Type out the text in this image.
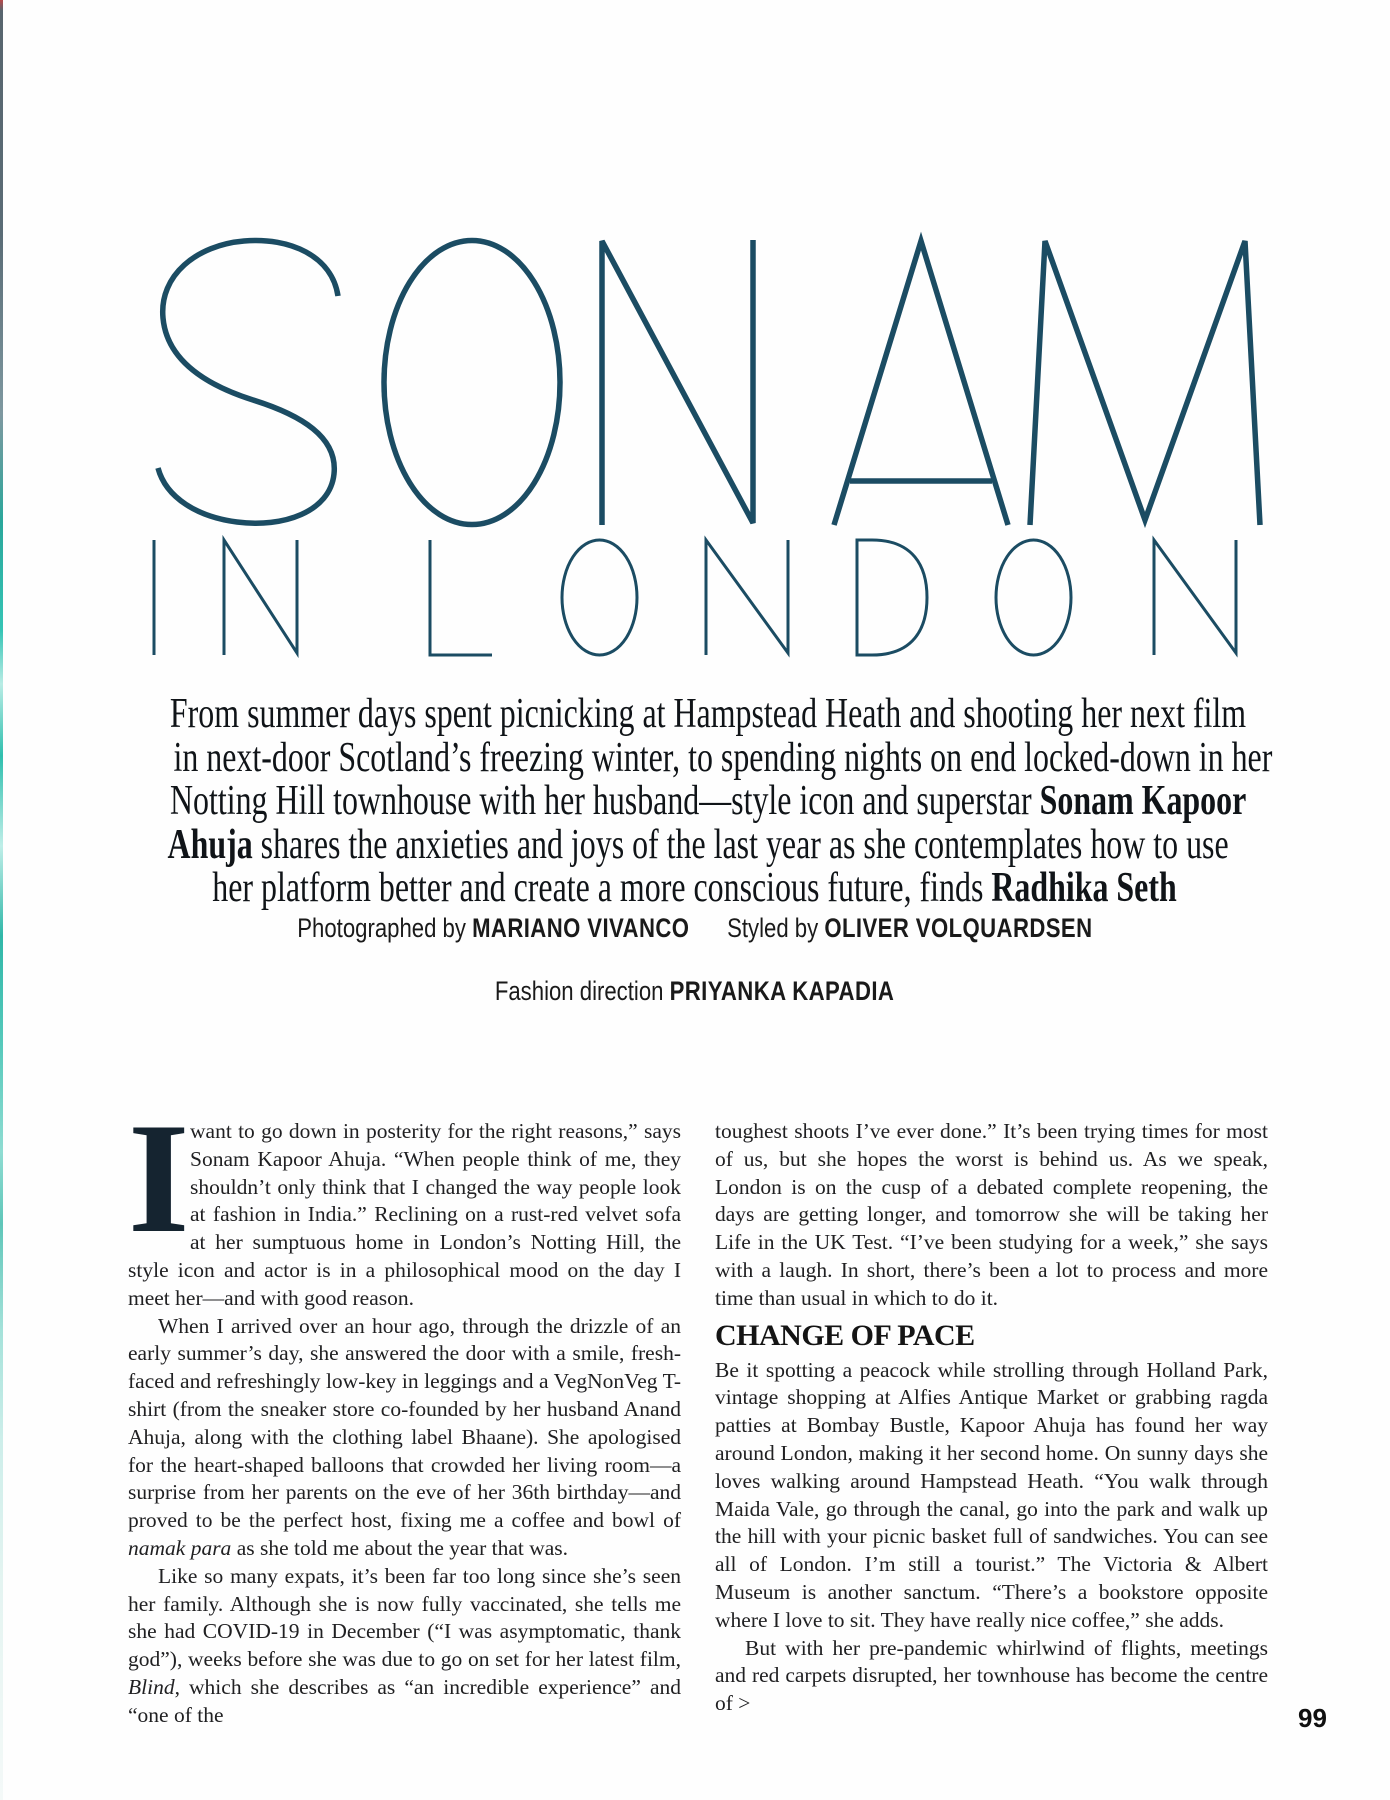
From summer days spent picnicking at Hampstead Heath and shooting her next film
in next-door Scotland’s freezing winter, to spending nights on end locked-down in her
Notting Hill townhouse with her husband—style icon and superstar Sonam Kapoor
Ahuja shares the anxieties and joys of the last year as she contemplates how to use
her platform better and create a more conscious future, finds Radhika Seth
Photographed by MARIANO VIVANCO Styled by OLIVER VOLQUARDSEN
Fashion direction PRIYANKA KAPADIA

Iwant to go down in posterity for the right reasons,” says Sonam Kapoor Ahuja. “When people think of me, they shouldn’t only think that I changed the way people look at fashion in India.” Reclining on a rust-red velvet sofa at her sumptuous home in London’s Notting Hill, the style icon and actor is in a philosophical mood on the day I meet her—and with good reason.

When I arrived over an hour ago, through the drizzle of an early summer’s day, she answered the door with a smile, fresh-faced and refreshingly low-key in leggings and a VegNonVeg T-shirt (from the sneaker store co-founded by her husband Anand Ahuja, along with the clothing label Bhaane). She apologised for the heart-shaped balloons that crowded her living room—a surprise from her parents on the eve of her 36th birthday—and proved to be the perfect host, fixing me a coffee and bowl of namak para as she told me about the year that was.

Like so many expats, it’s been far too long since she’s seen her family. Although she is now fully vaccinated, she tells me she had COVID-19 in December (“I was asymptomatic, thank god”), weeks before she was due to go on set for her latest film, Blind, which she describes as “an incredible experience” and “one of the

toughest shoots I’ve ever done.” It’s been trying times for most of us, but she hopes the worst is behind us. As we speak, London is on the cusp of a debated complete reopening, the days are getting longer, and tomorrow she will be taking her Life in the UK Test. “I’ve been studying for a week,” she says with a laugh. In short, there’s been a lot to process and more time than usual in which to do it.

CHANGE OF PACE

Be it spotting a peacock while strolling through Holland Park, vintage shopping at Alfies Antique Market or grabbing ragda patties at Bombay Bustle, Kapoor Ahuja has found her way around London, making it her second home. On sunny days she loves walking around Hampstead Heath. “You walk through Maida Vale, go through the canal, go into the park and walk up the hill with your picnic basket full of sandwiches. You can see all of London. I’m still a tourist.” The Victoria & Albert Museum is another sanctum. “There’s a bookstore opposite where I love to sit. They have really nice coffee,” she adds.

But with her pre-pandemic whirlwind of flights, meetings and red carpets disrupted, her townhouse has become the centre of >	99
